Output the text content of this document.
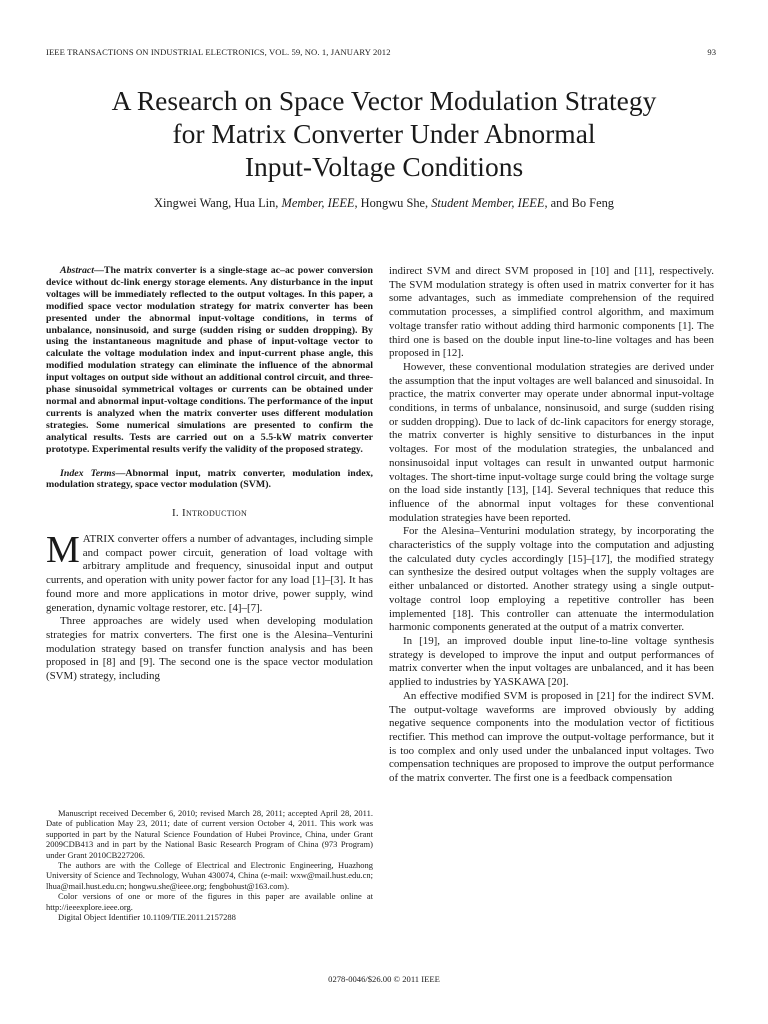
IEEE TRANSACTIONS ON INDUSTRIAL ELECTRONICS, VOL. 59, NO. 1, JANUARY 2012	93
A Research on Space Vector Modulation Strategy
for Matrix Converter Under Abnormal
Input-Voltage Conditions
Xingwei Wang, Hua Lin, Member, IEEE, Hongwu She, Student Member, IEEE, and Bo Feng

Abstract—The matrix converter is a single-stage ac–ac power conversion device without dc-link energy storage elements. Any disturbance in the input voltages will be immediately reflected to the output voltages. In this paper, a modified space vector modulation strategy for matrix converter has been presented under the abnormal input-voltage conditions, in terms of unbalance, nonsinusoid, and surge (sudden rising or sudden dropping). By using the instantaneous magnitude and phase of input-voltage vector to calculate the voltage modulation index and input-current phase angle, this modified modulation strategy can eliminate the influence of the abnormal input voltages on output side without an additional control circuit, and three-phase sinusoidal symmetrical voltages or currents can be obtained under normal and abnormal input-voltage conditions. The performance of the input currents is analyzed when the matrix converter uses different modulation strategies. Some numerical simulations are presented to confirm the analytical results. Tests are carried out on a 5.5-kW matrix converter prototype. Experimental results verify the validity of the proposed strategy.

Index Terms—Abnormal input, matrix converter, modulation index, modulation strategy, space vector modulation (SVM).

I. Introduction

MATRIX converter offers a number of advantages, including simple and compact power circuit, generation of load voltage with arbitrary amplitude and frequency, sinusoidal input and output currents, and operation with unity power factor for any load [1]–[3]. It has found more and more applications in motor drive, power supply, wind generation, dynamic voltage restorer, etc. [4]–[7].

Three approaches are widely used when developing modulation strategies for matrix converters. The first one is the Alesina–Venturini modulation strategy based on transfer function analysis and has been proposed in [8] and [9]. The second one is the space vector modulation (SVM) strategy, including

Manuscript received December 6, 2010; revised March 28, 2011; accepted April 28, 2011. Date of publication May 23, 2011; date of current version October 4, 2011. This work was supported in part by the Natural Science Foundation of Hubei Province, China, under Grant 2009CDB413 and in part by the National Basic Research Program of China (973 Program) under Grant 2010CB227206.

The authors are with the College of Electrical and Electronic Engineering, Huazhong University of Science and Technology, Wuhan 430074, China (e-mail: wxw@mail.hust.edu.cn; lhua@mail.hust.edu.cn; hongwu.she@ieee.org; fengbohust@163.com).

Color versions of one or more of the figures in this paper are available online at http://ieeexplore.ieee.org.

Digital Object Identifier 10.1109/TIE.2011.2157288

indirect SVM and direct SVM proposed in [10] and [11], respectively. The SVM modulation strategy is often used in matrix converter for it has some advantages, such as immediate comprehension of the required commutation processes, a simplified control algorithm, and maximum voltage transfer ratio without adding third harmonic components [1]. The third one is based on the double input line-to-line voltages and has been proposed in [12].

However, these conventional modulation strategies are derived under the assumption that the input voltages are well balanced and sinusoidal. In practice, the matrix converter may operate under abnormal input-voltage conditions, in terms of unbalance, nonsinusoid, and surge (sudden rising or sudden dropping). Due to lack of dc-link capacitors for energy storage, the matrix converter is highly sensitive to disturbances in the input voltages. For most of the modulation strategies, the unbalanced and nonsinusoidal input voltages can result in unwanted output harmonic voltages. The short-time input-voltage surge could bring the voltage surge on the load side instantly [13], [14]. Several techniques that reduce this influence of the abnormal input voltages for these conventional modulation strategies have been reported.

For the Alesina–Venturini modulation strategy, by incorporating the characteristics of the supply voltage into the computation and adjusting the calculated duty cycles accordingly [15]–[17], the modified strategy can synthesize the desired output voltages when the supply voltages are either unbalanced or distorted. Another strategy using a single output-voltage control loop employing a repetitive controller has been implemented [18]. This controller can attenuate the intermodulation harmonic components generated at the output of a matrix converter.

In [19], an improved double input line-to-line voltage synthesis strategy is developed to improve the input and output performances of matrix converter when the input voltages are unbalanced, and it has been applied to industries by YASKAWA [20].

An effective modified SVM is proposed in [21] for the indirect SVM. The output-voltage waveforms are improved obviously by adding negative sequence components into the modulation vector of fictitious rectifier. This method can improve the output-voltage performance, but it is too complex and only used under the unbalanced input voltages. Two compensation techniques are proposed to improve the output performance of the matrix converter. The first one is a feedback compensation

0278-0046/$26.00 © 2011 IEEE
